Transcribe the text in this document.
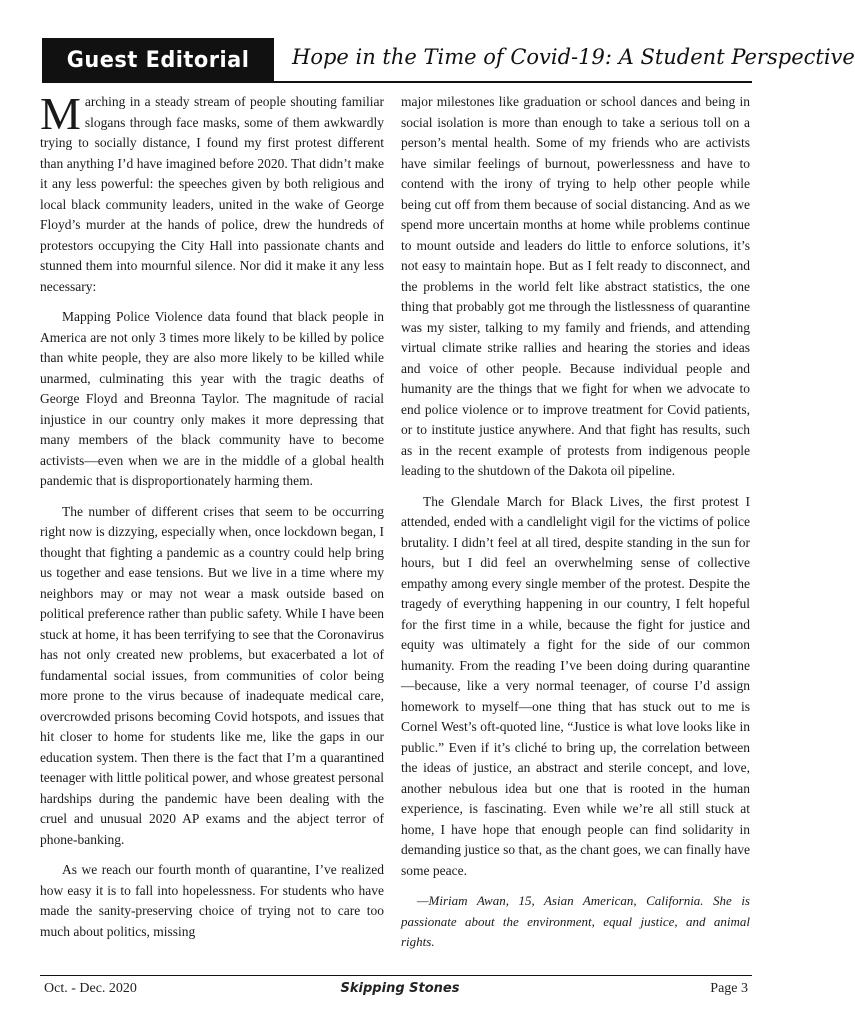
Guest Editorial Hope in the Time of Covid-19: A Student Perspective

Marching in a steady stream of people shouting familiar slogans through face masks, some of them awkwardly trying to socially distance, I found my first protest different than anything I’d have imagined before 2020. That didn’t make it any less powerful: the speeches given by both religious and local black community leaders, united in the wake of George Floyd’s murder at the hands of police, drew the hundreds of protestors occupying the City Hall into passionate chants and stunned them into mournful silence. Nor did it make it any less necessary:

Mapping Police Violence data found that black people in America are not only 3 times more likely to be killed by police than white people, they are also more likely to be killed while unarmed, culminating this year with the tragic deaths of George Floyd and Breonna Taylor. The magnitude of racial injustice in our country only makes it more depressing that many members of the black community have to become activists—even when we are in the middle of a global health pandemic that is disproportionately harming them.

The number of different crises that seem to be occurring right now is dizzying, especially when, once lockdown began, I thought that fighting a pandemic as a country could help bring us together and ease tensions. But we live in a time where my neighbors may or may not wear a mask outside based on political preference rather than public safety. While I have been stuck at home, it has been terrifying to see that the Coronavirus has not only created new problems, but exacerbated a lot of fundamental social issues, from communities of color being more prone to the virus because of inadequate medical care, overcrowded prisons becoming Covid hotspots, and issues that hit closer to home for students like me, like the gaps in our education system. Then there is the fact that I’m a quarantined teenager with little political power, and whose greatest personal hardships during the pandemic have been dealing with the cruel and unusual 2020 AP exams and the abject terror of phone-banking.

As we reach our fourth month of quarantine, I’ve realized how easy it is to fall into hopelessness. For students who have made the sanity-preserving choice of trying not to care too much about politics, missing

major milestones like graduation or school dances and being in social isolation is more than enough to take a serious toll on a person’s mental health. Some of my friends who are activists have similar feelings of burnout, powerlessness and have to contend with the irony of trying to help other people while being cut off from them because of social distancing. And as we spend more uncertain months at home while problems continue to mount outside and leaders do little to enforce solutions, it’s not easy to maintain hope. But as I felt ready to disconnect, and the problems in the world felt like abstract statistics, the one thing that probably got me through the listlessness of quarantine was my sister, talking to my family and friends, and attending virtual climate strike rallies and hearing the stories and ideas and voice of other people. Because individual people and humanity are the things that we fight for when we advocate to end police violence or to improve treatment for Covid patients, or to institute justice anywhere. And that fight has results, such as in the recent example of protests from indigenous people leading to the shutdown of the Dakota oil pipeline.

The Glendale March for Black Lives, the first protest I attended, ended with a candlelight vigil for the victims of police brutality. I didn’t feel at all tired, despite standing in the sun for hours, but I did feel an overwhelming sense of collective empathy among every single member of the protest. Despite the tragedy of everything happening in our country, I felt hopeful for the first time in a while, because the fight for justice and equity was ultimately a fight for the side of our common humanity. From the reading I’ve been doing during quarantine—because, like a very normal teenager, of course I’d assign homework to myself—one thing that has stuck out to me is Cornel West’s oft-quoted line, “Justice is what love looks like in public.” Even if it’s cliché to bring up, the correlation between the ideas of justice, an abstract and sterile concept, and love, another nebulous idea but one that is rooted in the human experience, is fascinating. Even while we’re all still stuck at home, I have hope that enough people can find solidarity in demanding justice so that, as the chant goes, we can finally have some peace.

—Miriam Awan, 15, Asian American, California. She is passionate about the environment, equal justice, and animal rights.

Oct. - Dec. 2020	Skipping Stones	Page 3
